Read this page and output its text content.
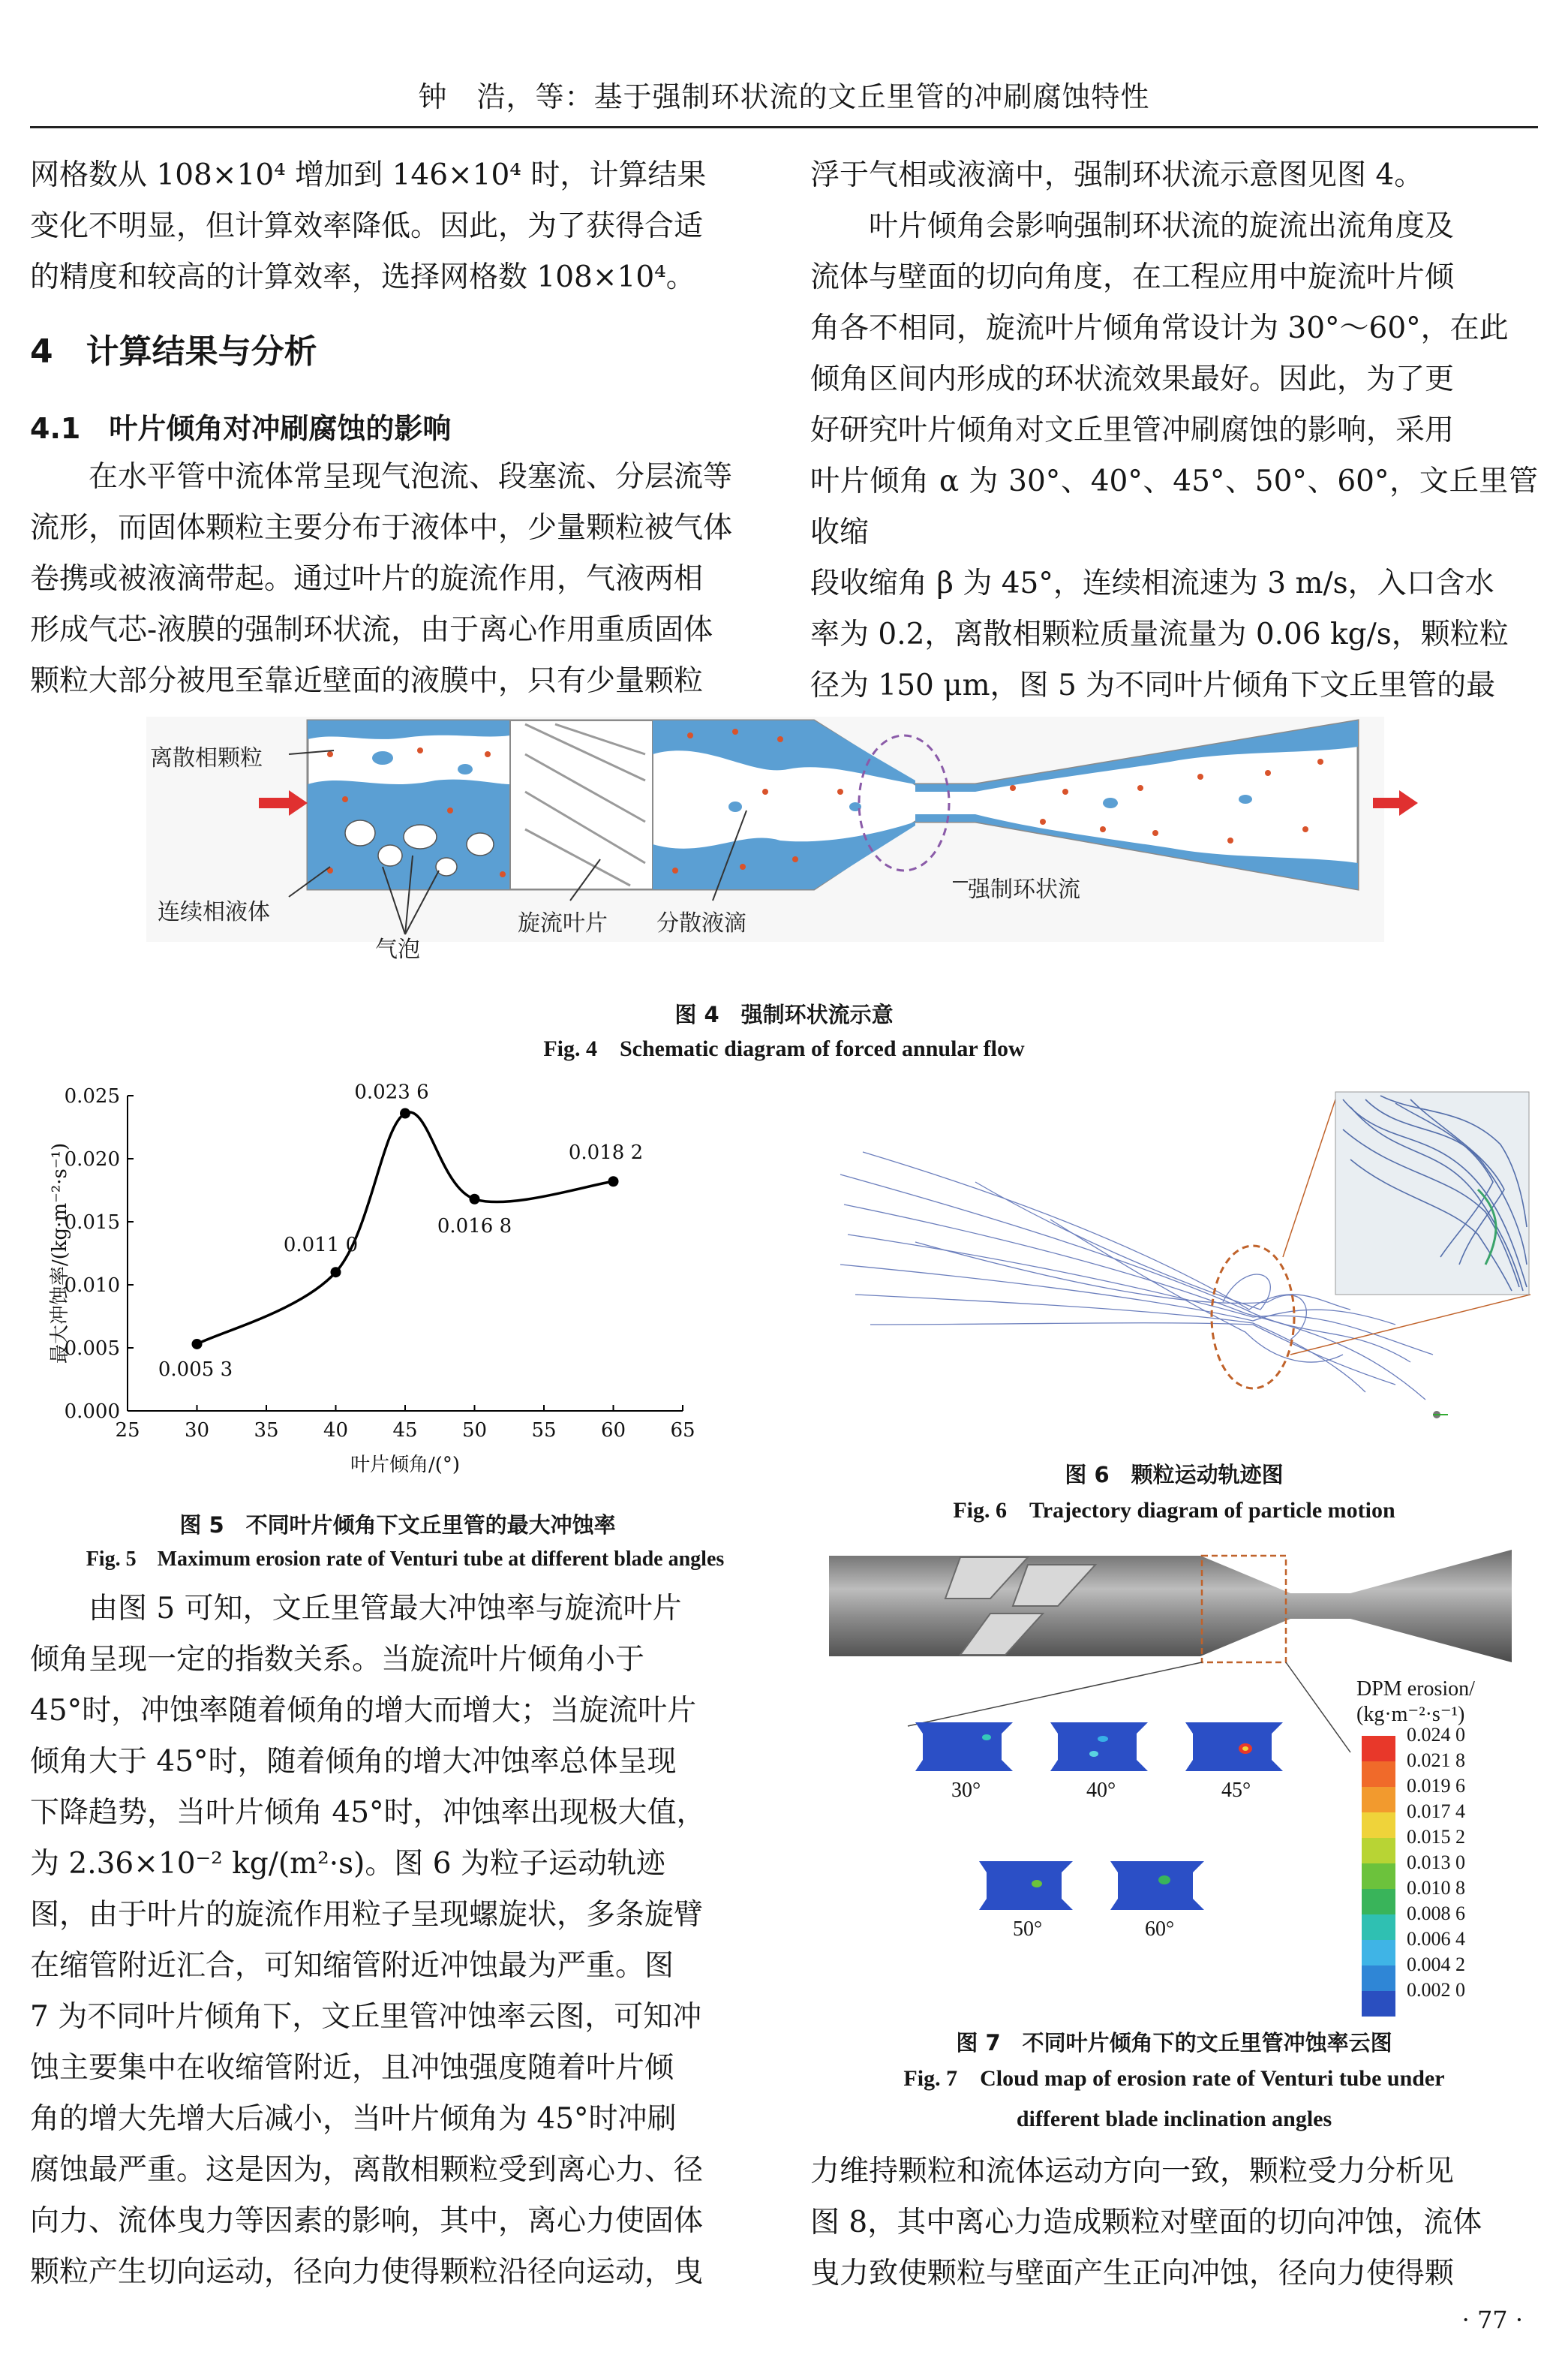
钟　浩，等：基于强制环状流的文丘里管的冲刷腐蚀特性

网格数从 108×10⁴ 增加到 146×10⁴ 时，计算结果

变化不明显，但计算效率降低。因此，为了获得合适

的精度和较高的计算效率，选择网格数 108×10⁴。

4　计算结果与分析
4.1　叶片倾角对冲刷腐蚀的影响

在水平管中流体常呈现气泡流、段塞流、分层流等

流形，而固体颗粒主要分布于液体中，少量颗粒被气体

卷携或被液滴带起。通过叶片的旋流作用，气液两相

形成气芯-液膜的强制环状流，由于离心作用重质固体

颗粒大部分被甩至靠近壁面的液膜中，只有少量颗粒

浮于气相或液滴中，强制环状流示意图见图 4。

叶片倾角会影响强制环状流的旋流出流角度及

流体与壁面的切向角度，在工程应用中旋流叶片倾

角各不相同，旋流叶片倾角常设计为 30°～60°，在此

倾角区间内形成的环状流效果最好。因此，为了更

好研究叶片倾角对文丘里管冲刷腐蚀的影响，采用

叶片倾角 α 为 30°、40°、45°、50°、60°，文丘里管收缩

段收缩角 β 为 45°，连续相流速为 3 m/s，入口含水

率为 0.2，离散相颗粒质量流量为 0.06 kg/s，颗粒粒

径为 150 μm，图 5 为不同叶片倾角下文丘里管的最

离散相颗粒
连续相液体
气泡
旋流叶片 分散液滴
强制环状流
图 4　强制环状流示意
Fig. 4　Schematic diagram of forced annular flow
25 30 35 40 45 50 55 60 65
0.000
0.005
0.010
0.015
0.020
0.025
0.005 3
0.011 0
0.023 6
0.016 8
0.018 2
叶片倾角/(°)
最大冲蚀率/(kg·m⁻²·s⁻¹)
图 5　不同叶片倾角下文丘里管的最大冲蚀率
Fig. 5　Maximum erosion rate of Venturi tube at different blade angles
图 6　颗粒运动轨迹图
Fig. 6　Trajectory diagram of particle motion
DPM erosion/
(kg·m⁻²·s⁻¹)
0.024 0
0.021 8
0.019 6
0.017 4
0.015 2
0.013 0
0.010 8
0.008 6
0.006 4
0.004 2
0.002 0
30°	40°	45°
50°	60°
图 7　不同叶片倾角下的文丘里管冲蚀率云图
Fig. 7　Cloud map of erosion rate of Venturi tube under
different blade inclination angles

由图 5 可知，文丘里管最大冲蚀率与旋流叶片

倾角呈现一定的指数关系。当旋流叶片倾角小于

45°时，冲蚀率随着倾角的增大而增大；当旋流叶片

倾角大于 45°时，随着倾角的增大冲蚀率总体呈现

下降趋势，当叶片倾角 45°时，冲蚀率出现极大值，

为 2.36×10⁻² kg/(m²·s)。图 6 为粒子运动轨迹

图，由于叶片的旋流作用粒子呈现螺旋状，多条旋臂

在缩管附近汇合，可知缩管附近冲蚀最为严重。图

7 为不同叶片倾角下，文丘里管冲蚀率云图，可知冲

蚀主要集中在收缩管附近，且冲蚀强度随着叶片倾

角的增大先增大后减小，当叶片倾角为 45°时冲刷

腐蚀最严重。这是因为，离散相颗粒受到离心力、径

向力、流体曳力等因素的影响，其中，离心力使固体

颗粒产生切向运动，径向力使得颗粒沿径向运动，曳

力维持颗粒和流体运动方向一致，颗粒受力分析见

图 8，其中离心力造成颗粒对壁面的切向冲蚀，流体

曳力致使颗粒与壁面产生正向冲蚀，径向力使得颗

· 77 ·
